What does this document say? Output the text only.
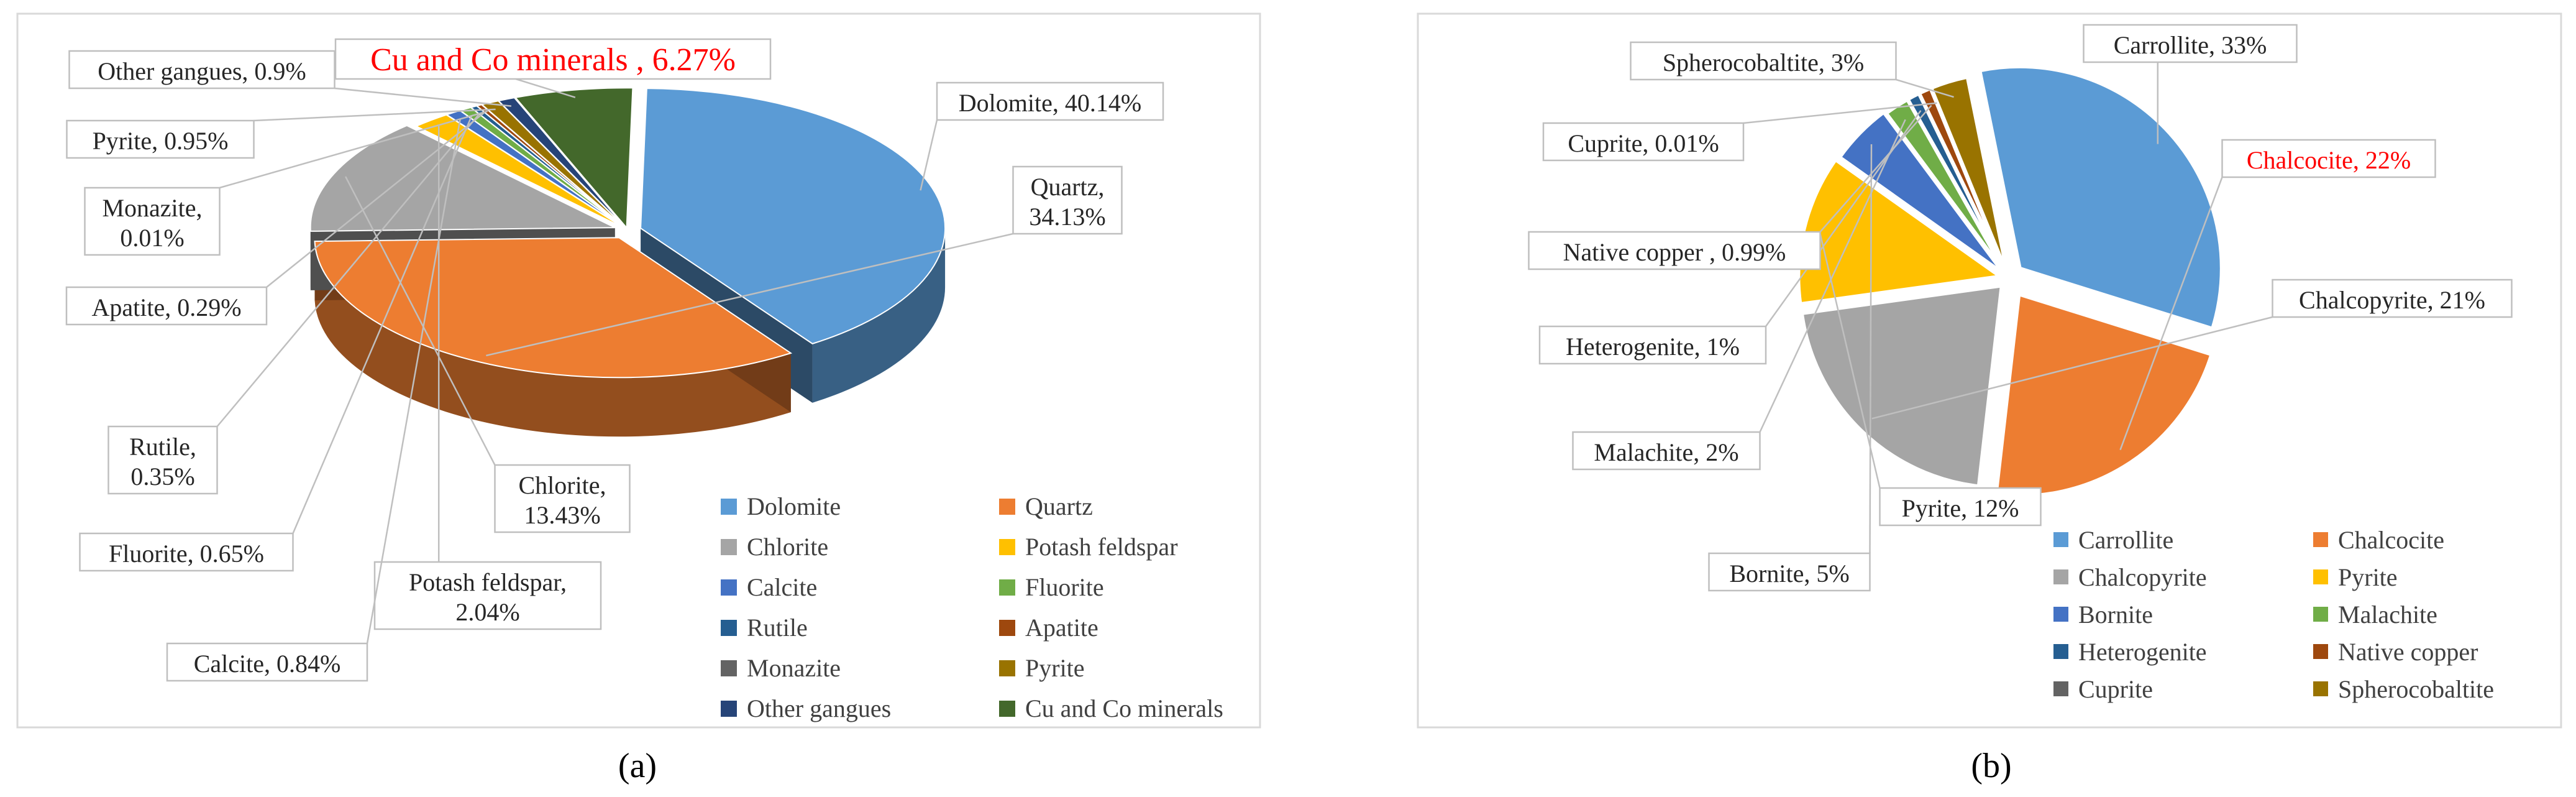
Dolomite, 40.14%
Quartz,
34.13%
Chlorite,
13.43%
Potash feldspar,
2.04%
Calcite, 0.84%
Fluorite, 0.65%
Rutile,
0.35%
Apatite, 0.29%
Monazite,
0.01%
Pyrite, 0.95%
Other gangues, 0.9% Cu and Co minerals , 6.27%
Dolomite	Quartz
Chlorite	Potash feldspar
Calcite	Fluorite
Rutile	Apatite
Monazite	Pyrite
Other gangues	Cu and Co minerals
Carrollite, 33%
Chalcocite, 22%
Chalcopyrite, 21%
Pyrite, 12%
Bornite, 5%
Malachite, 2%
Heterogenite, 1%
Native copper , 0.99%
Cuprite, 0.01%
Spherocobaltite, 3%
Carrollite	Chalcocite
Chalcopyrite	Pyrite
Bornite	Malachite
Heterogenite	Native copper
Cuprite	Spherocobaltite
(a)	(b)
